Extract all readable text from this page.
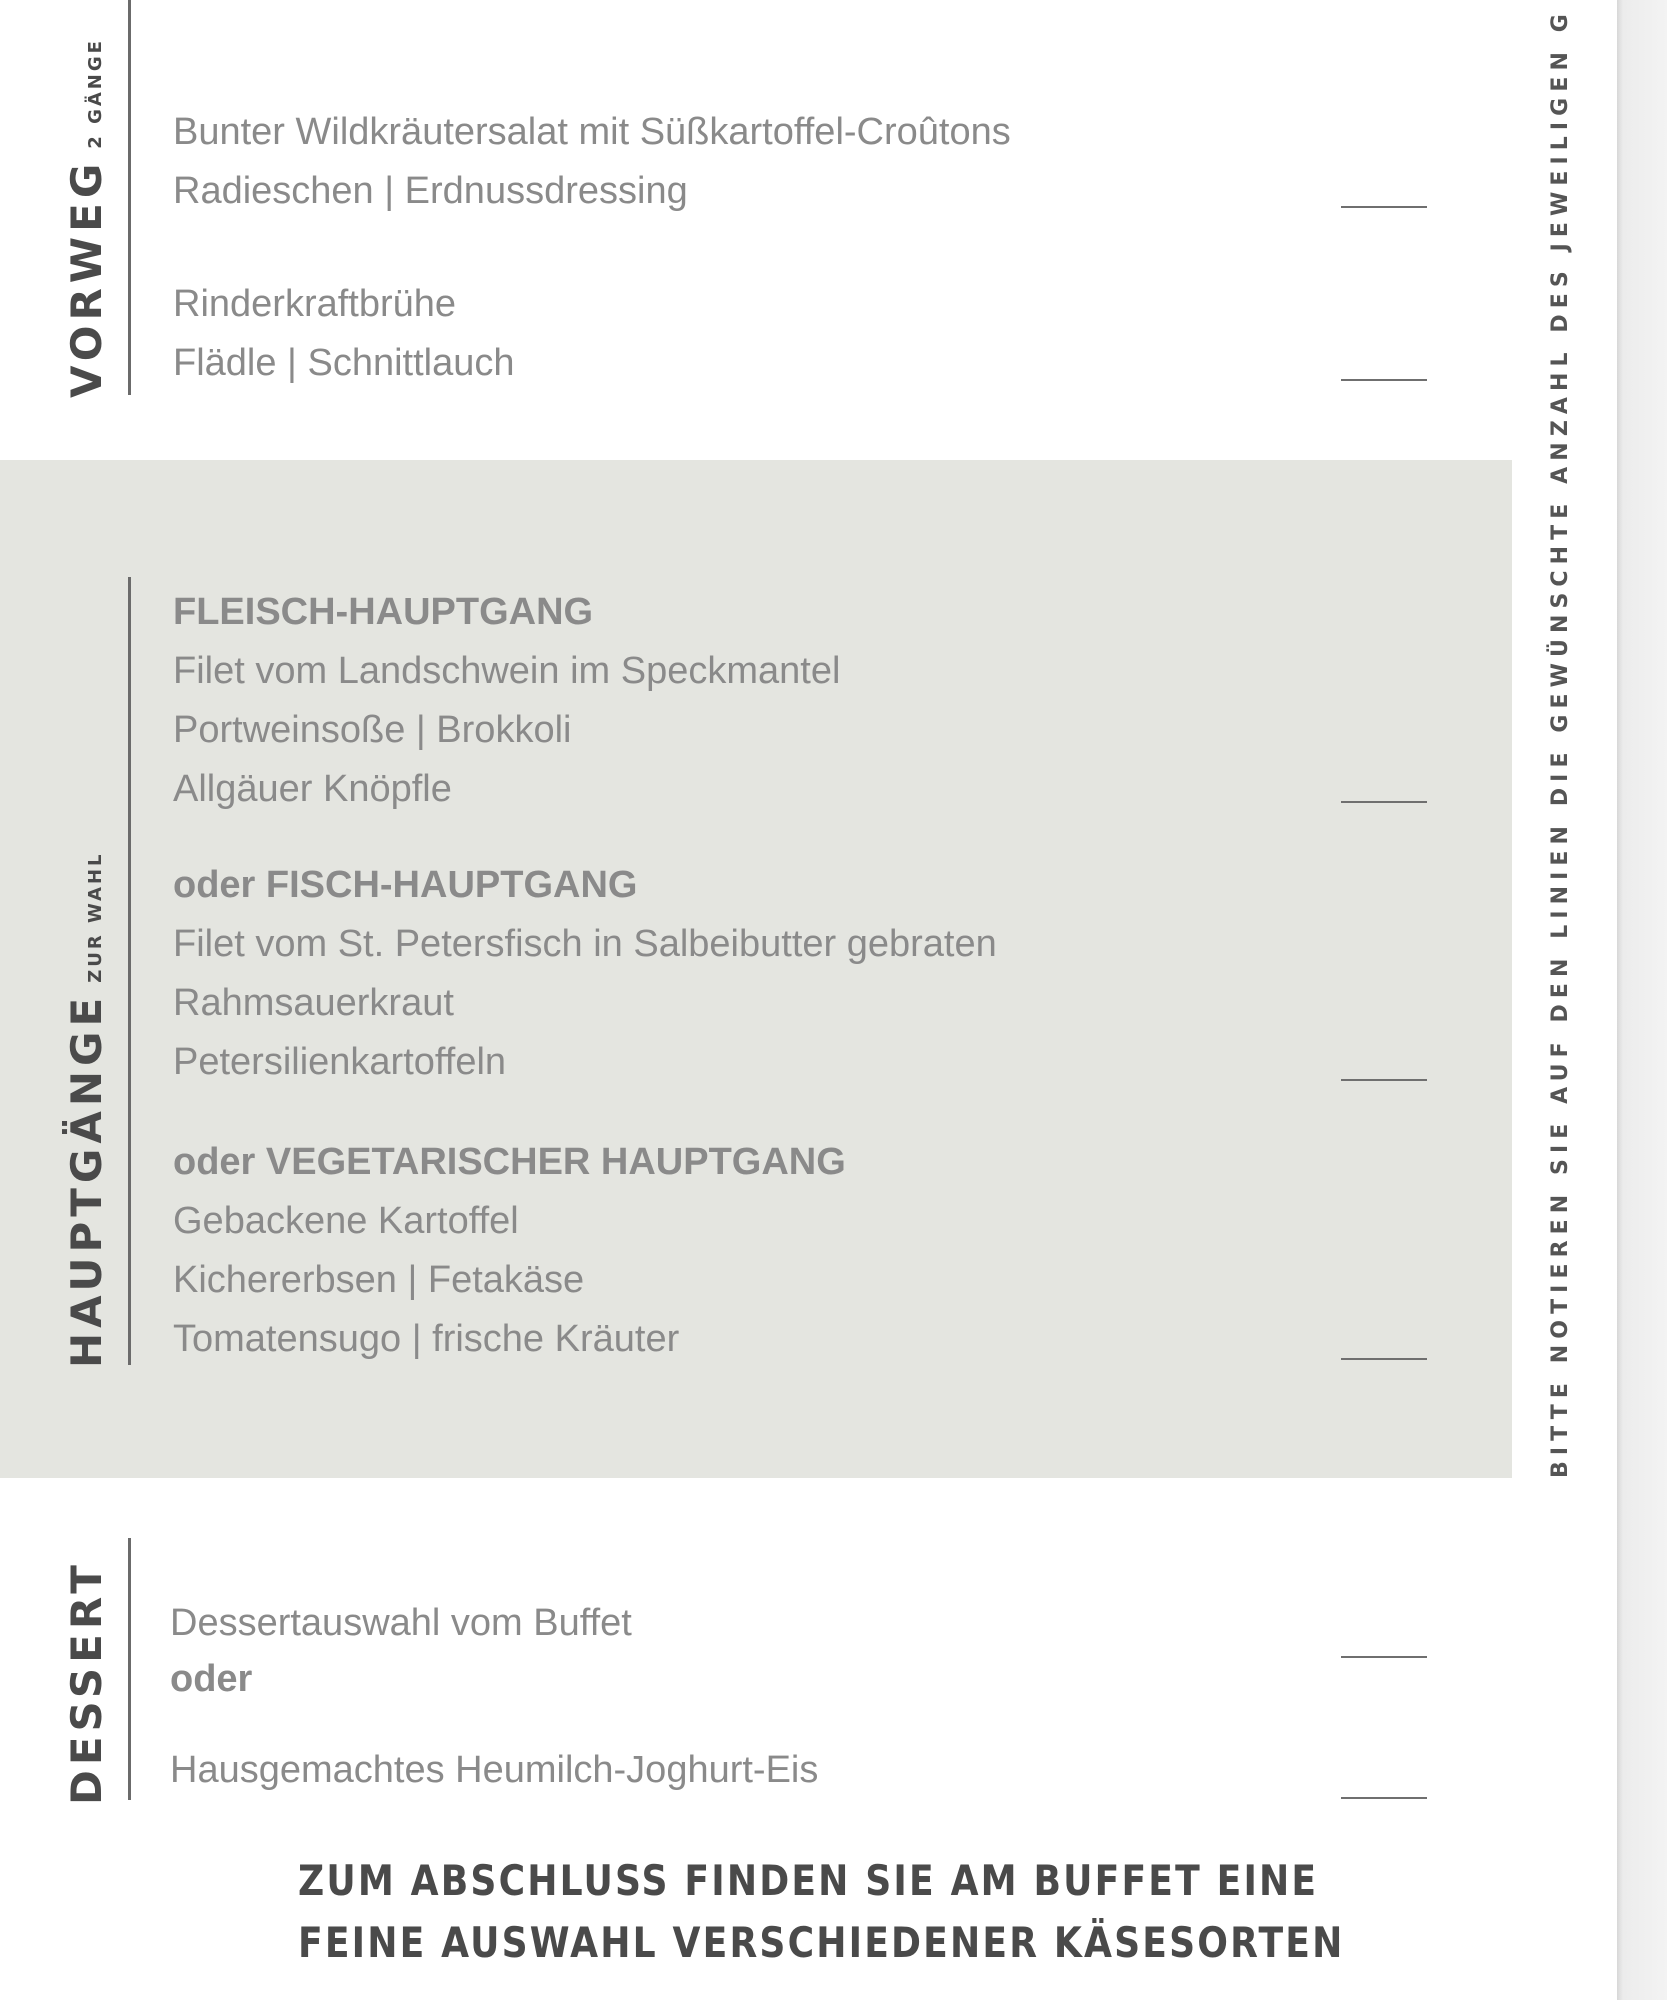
VORWEG2 GÄNGE Bunter Wildkräutersalat mit Süßkartoffel-Croûtons
Radieschen | Erdnussdressing
Rinderkraftbrühe
Flädle | Schnittlauch
HAUPTGÄNGEZUR WAHL
FLEISCH-HAUPTGANG
Filet vom Landschwein im Speckmantel
Portweinsoße | Brokkoli
Allgäuer Knöpfle
oder FISCH-HAUPTGANG
Filet vom St. Petersfisch in Salbeibutter gebraten
Rahmsauerkraut
Petersilienkartoffeln
oder VEGETARISCHER HAUPTGANG
Gebackene Kartoffel
Kichererbsen | Fetakäse
Tomatensugo | frische Kräuter
DESSERT Dessertauswahl vom Buffet
oder
Hausgemachtes Heumilch-Joghurt-Eis
ZUM ABSCHLUSS FINDEN SIE AM BUFFET EINE
FEINE AUSWAHL VERSCHIEDENER KÄSESORTEN
BITTE NOTIEREN SIE AUF DEN LINIEN DIE GEWÜNSCHTE ANZAHL DES JEWEILIGEN G
